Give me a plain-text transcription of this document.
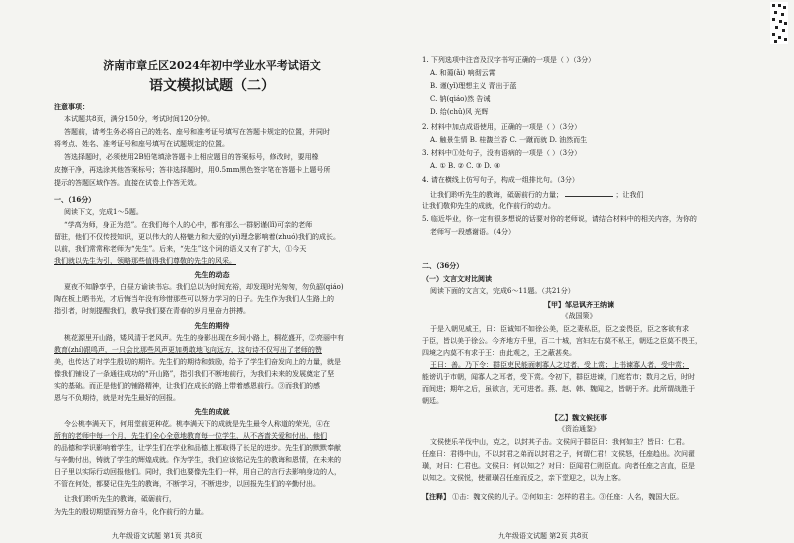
济南市章丘区2024年初中学业水平考试语文
语文模拟试题（二）
注意事项：
本试题共8页，满分150分，考试时间120分钟。
答题前，请考生务必将自己的姓名、座号和准考证号填写在答题卡规定的位置，并同时
将考点、姓名、准考证号和座号填写在试题规定的位置。
答选择题时，必须使用2B铅笔填涂答题卡上相应题目的答案标号，修改时，要用橡
皮擦干净，再选涂其他答案标号；答非选择题时，用0.5mm黑色签字笔在答题卡上题号所
提示的答题区域作答。直接在试卷上作答无效。
一、（16分）
阅读下文，完成1～5题。
“学高为师，身正为范”。在我们每个人的心中，都有那么一群躬谨(lǐ)可亲的老师
留驻，他们不仅传授知识，更以伟大的人格魅力和大爱的(yì)理念影响着(zhuó)我们的成长。
以前，我们常常称老师为“先生”。后来，“先生”这个词的语义又有了扩大，①今天
我们就以先生为引，领略那些值得我们尊敬的先生的风采。
先生的动态
夏夜不知静享乎，白昼方谕读书忘。我们总以为时间充裕，却发现时光匆匆，勿负韶(qiáo)
陶在板上晒书光，才后悔当年没有珍惜那些可以努力学习的日子。先生作为我们人生路上的
指引者，时刻提醒我们，教导我们要在青春的岁月里奋力拼搏。
先生的期待
桃花源里开山路，矮风清于老风声。先生的身影出现在乡间小路上，桐花盛开，②亮丽中有
教育(zhí)跟鸣声，一只会比那些风声更加勇敢地飞向远方，这句诗不仅写出了老师的赞
美，也传达了对学生殷切的期许。先生们的期待和鼓励，给予了学生们奋发向上的力量，就是
像我们铺设了一条通往成功的“开山路”，指引我们不断地前行，为我们未来的发展奠定了坚
实的基础。而正是他们的铺路精神，让我们在成长的路上带着感恩前行。③而我们的感
恩与不负期待，就是对先生最好的回报。
先生的成就
令公桃李满天下，何用堂前更种花。桃李满天下的成就是先生最令人称道的荣光，④在
所有的老师中每一个月，先生们全心全意地教育每一位学生，从不吝啬关爱和付出，他们
的品德和学识影响着学生，让学生们在学业和品德上都取得了长足的进步。先生们的默默奉献
与辛勤付出，铸就了学生的辉煌成就。作为学生，我们应该铭记先生的教诲和恩情，在未来的
日子里以实际行动回报他们。同时，我们也要像先生们一样，用自己的言行去影响身边的人，
不管在何处，都要记住先生的教诲，不断学习，不断进步，以回报先生们的辛勤付出。
让我们聆听先生的教诲，砥砺前行，
为先生的殷切期望而努力奋斗，化作前行的力量。
九年级语文试题 第1页 共8页
1. 下列选项中注音及汉字书写正确的一项是（ ）（3分）
A. 和蔼(ǎi) 响彻云霄
B. 谨(yǐ)理想主义 青出于蓝
C. 钠(qiáo)然 告诫
D. 给(chǔ)风 光辉
2. 材料中加点成语使用，正确的一项是（ ）（3分）
A. 触景生情 B. 桂馥兰香 C. 一蹴而就 D. 油然而生
3. 材料中①处句子，没有语病的一项是（ ）（3分）
A. ① B. ② C. ③ D. ④
4. 请在横线上仿写句子，构成一组排比句。（3分）
让我们聆听先生的教诲，砥砺前行的力量；	；让我们
让我们敬仰先生的成就，化作前行的动力。
5. 临近毕业，你一定有很多想说的话要对你的老师说，请结合材料中的相关内容，为你的
老师写一段感谢语。（4分）
二、（36分）
（一）文言文对比阅读
阅读下面的文言文，完成6～11题。（共21分）
【甲】邹忌讽齐王纳谏
《战国策》
于是入朝见威王，曰：臣诚知不如徐公美，臣之妻私臣，臣之妾畏臣，臣之客欲有求
于臣，皆以美于徐公。今齐地方千里，百二十城，宫妇左右莫不私王，朝廷之臣莫不畏王，
四境之内莫不有求于王：由此观之，王之蔽甚矣。
王曰：善。乃下令：群臣吏民能面刺寡人之过者，受上赏；上书谏寡人者，受中赏；
能谤讥于市朝，闻寡人之耳者，受下赏。令初下，群臣进谏，门庭若市；数月之后，时时
而间进；期年之后，虽欲言，无可进者。燕、赵、韩、魏闻之，皆朝于齐。此所谓战胜于
朝廷。
【乙】魏文候抚事
《资治通鉴》
文侯使乐羊伐中山，克之，以封其子击。文侯问于群臣曰：我何如主？皆曰：仁君。
任座曰：君得中山，不以封君之弟而以封君之子，何谓仁君！文侯怒，任座趋出。次问翟
璜，对曰：仁君也。文侯曰：何以知之？对曰：臣闻君仁则臣直。向者任座之言直，臣是
以知之。文侯悦，使翟璜召任座而反之，亲下堂迎之，以为上客。
【注释】 ①击：魏文侯的儿子。②何如主：怎样的君主。③任座：人名，魏国大臣。
九年级语文试题 第2页 共8页
